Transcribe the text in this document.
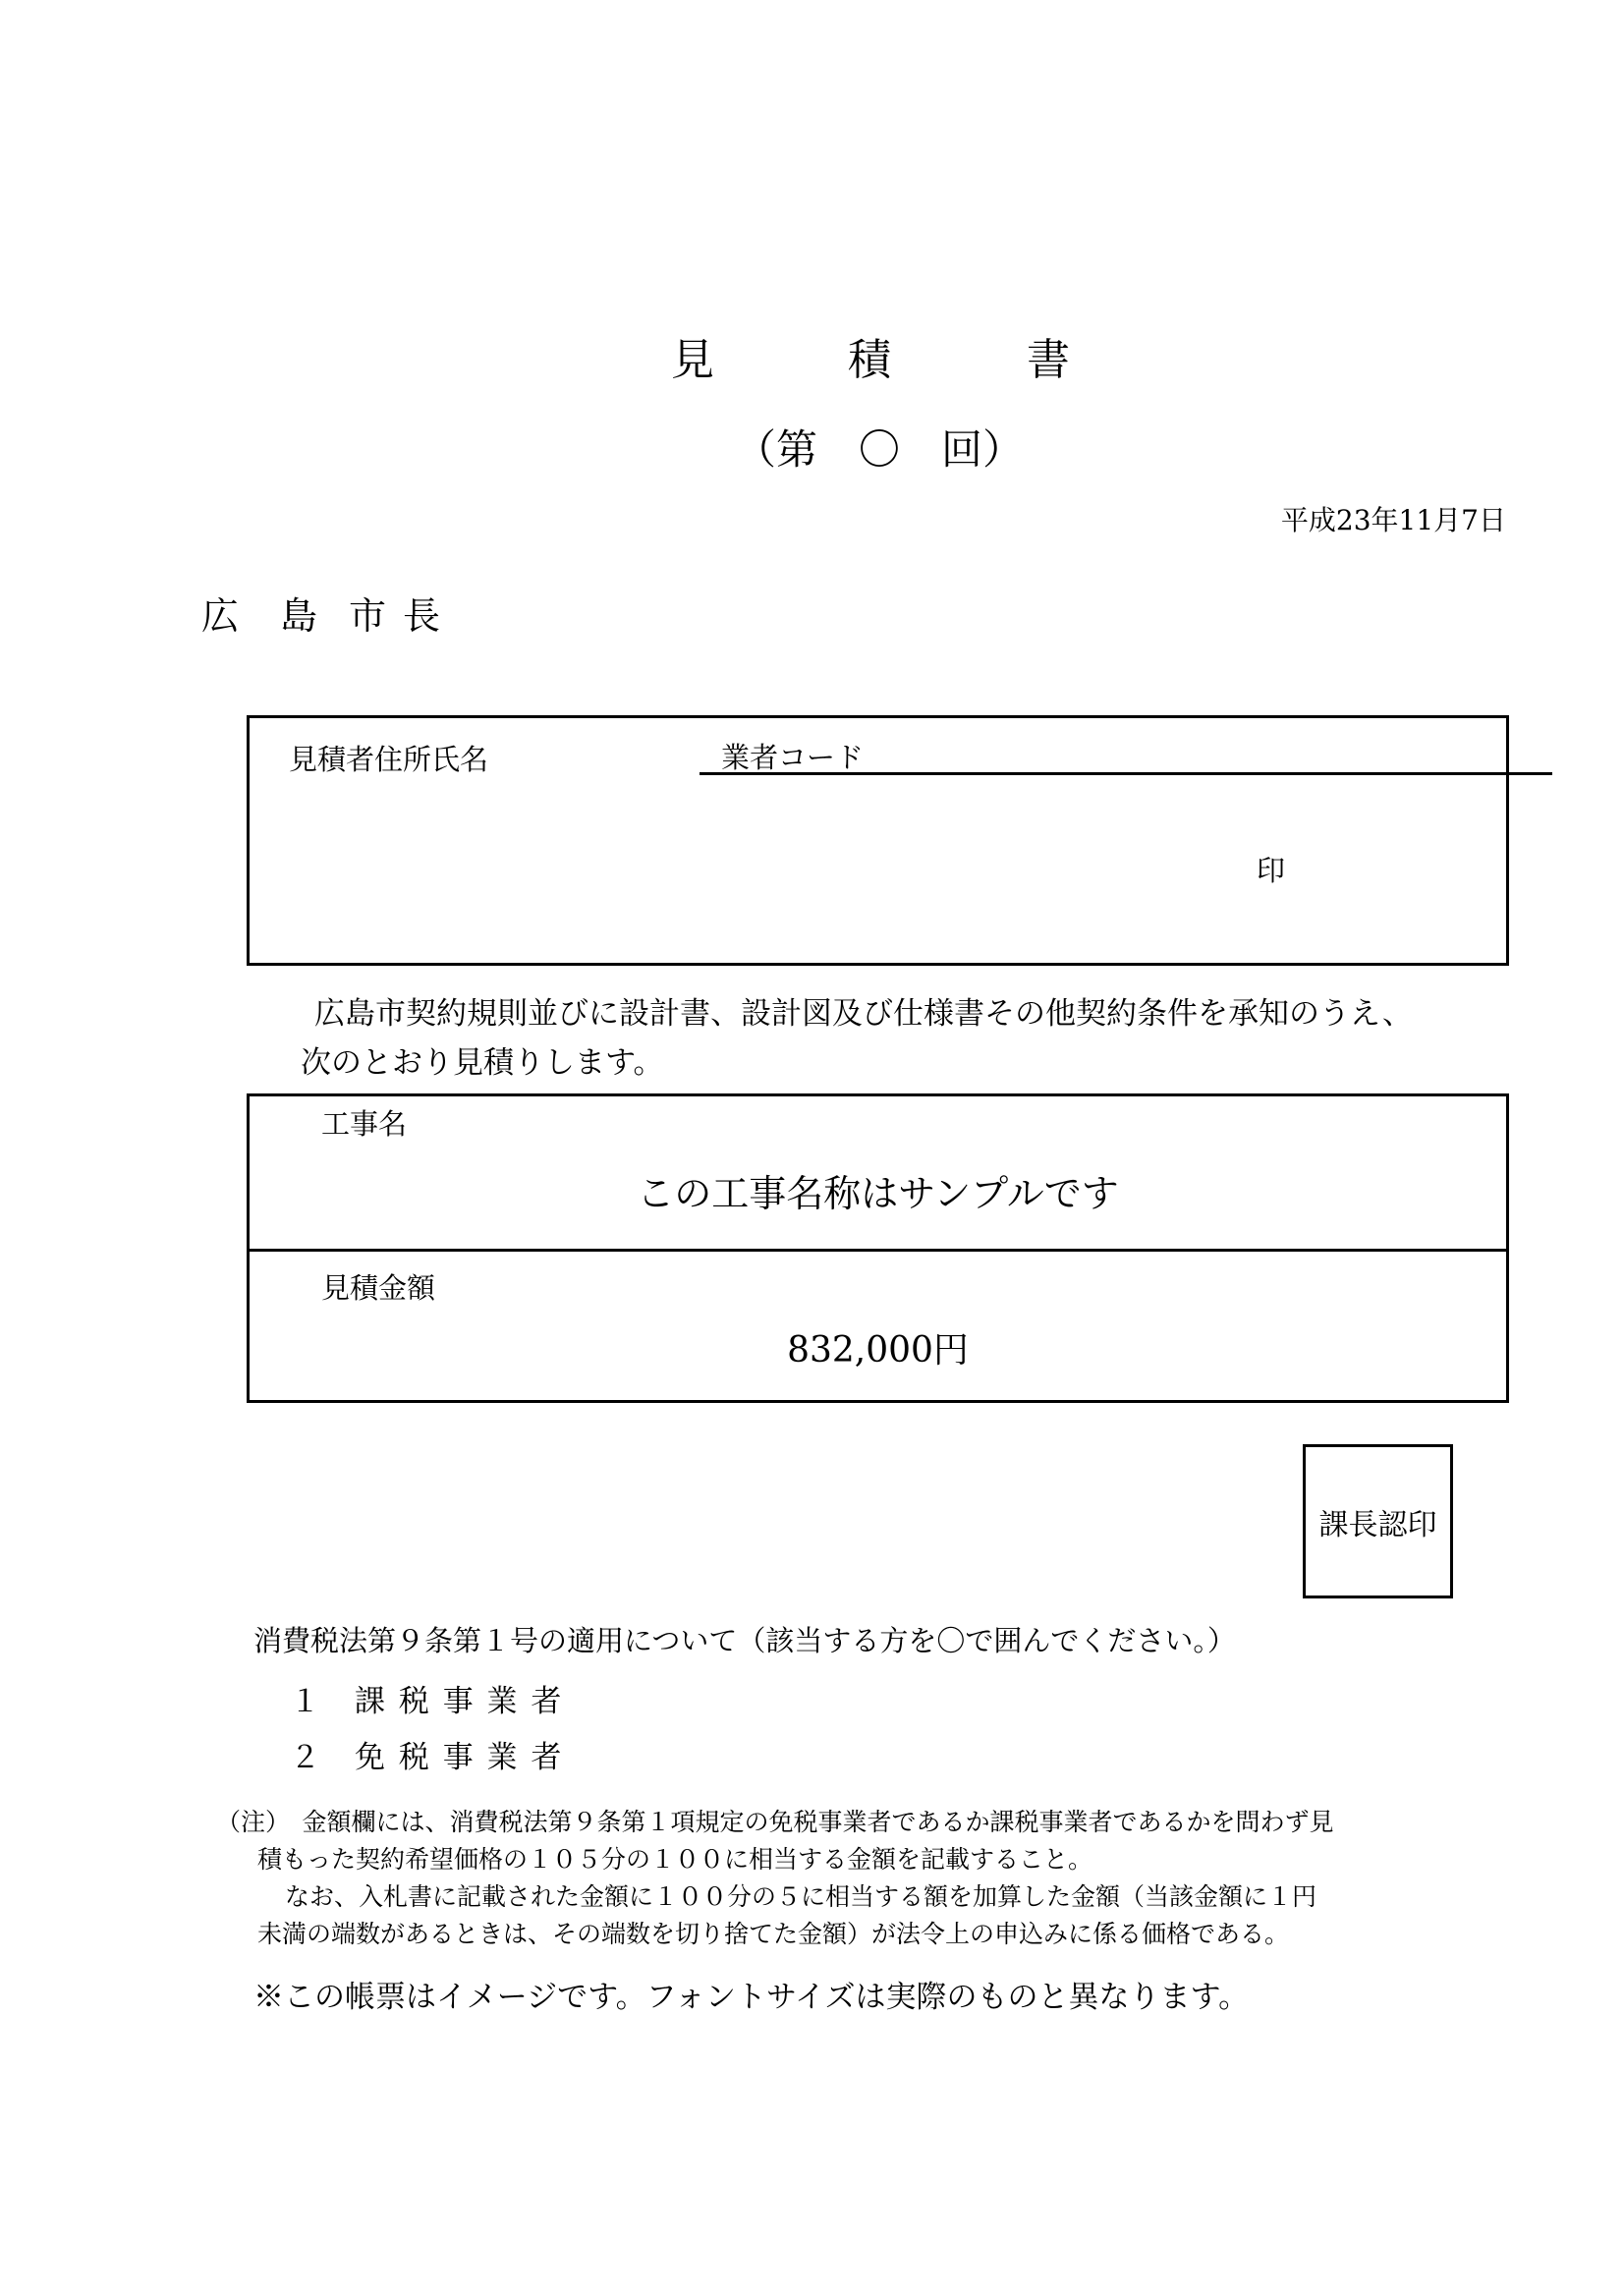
見	積	書
（第　〇　回）
平成23年11月7日
広 島 市 長
見積者住所氏名	業者コード
印
広島市契約規則並びに設計書、設計図及び仕様書その他契約条件を承知のうえ、
次のとおり見積りします。
工事名
この工事名称はサンプルです
見積金額
832,000円
課長認印
消費税法第９条第１号の適用について（該当する方を〇で囲んでください。）
１　課 税 事 業 者
２　免 税 事 業 者
（注）　金額欄には、消費税法第９条第１項規定の免税事業者であるか課税事業者であるかを問わず見
積もった契約希望価格の１０５分の１００に相当する金額を記載すること。
なお、入札書に記載された金額に１００分の５に相当する額を加算した金額（当該金額に１円
未満の端数があるときは、その端数を切り捨てた金額）が法令上の申込みに係る価格である。
※この帳票はイメージです。フォントサイズは実際のものと異なります。
